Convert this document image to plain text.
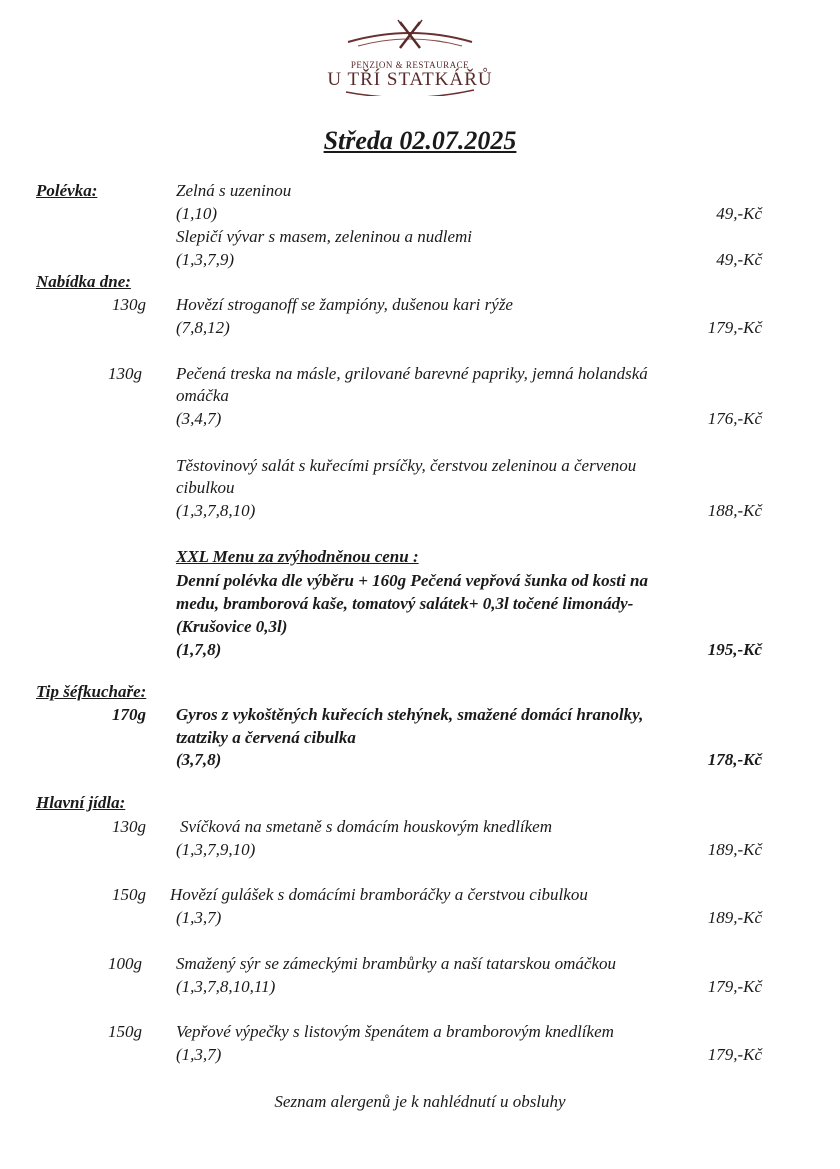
PENZION & RESTAURACE
U TŘÍ STATKÁŘŮ
Středa 02.07.2025
Polévka:	Zelná s uzeninou
(1,10)	49,-Kč
Slepičí vývar s masem, zeleninou a nudlemi
(1,3,7,9)	49,-Kč
Nabídka dne:
130g Hovězí stroganoff se žampióny, dušenou kari rýže
(7,8,12)	179,-Kč
130g Pečená treska na másle, grilované barevné papriky, jemná holandská
omáčka
(3,4,7)	176,-Kč
Těstovinový salát s kuřecími prsíčky, čerstvou zeleninou a červenou
cibulkou
(1,3,7,8,10)	188,-Kč
XXL Menu za zvýhodněnou cenu :
Denní polévka dle výběru + 160g Pečená vepřová šunka od kosti na
medu, bramborová kaše, tomatový salátek+ 0,3l točené limonády-
(Krušovice 0,3l)
(1,7,8)	195,-Kč
Tip šéfkuchaře:
170g Gyros z vykoštěných kuřecích stehýnek, smažené domácí hranolky,
tzatziky a červená cibulka
(3,7,8)	178,-Kč
Hlavní jídla:
130g Svíčková na smetaně s domácím houskovým knedlíkem
(1,3,7,9,10)	189,-Kč
150g Hovězí gulášek s domácími bramboráčky a čerstvou cibulkou
(1,3,7)	189,-Kč
100g Smažený sýr se zámeckými brambůrky a naší tatarskou omáčkou
(1,3,7,8,10,11)	179,-Kč
150g Vepřové výpečky s listovým špenátem a bramborovým knedlíkem
(1,3,7)	179,-Kč
Seznam alergenů je k nahlédnutí u obsluhy
